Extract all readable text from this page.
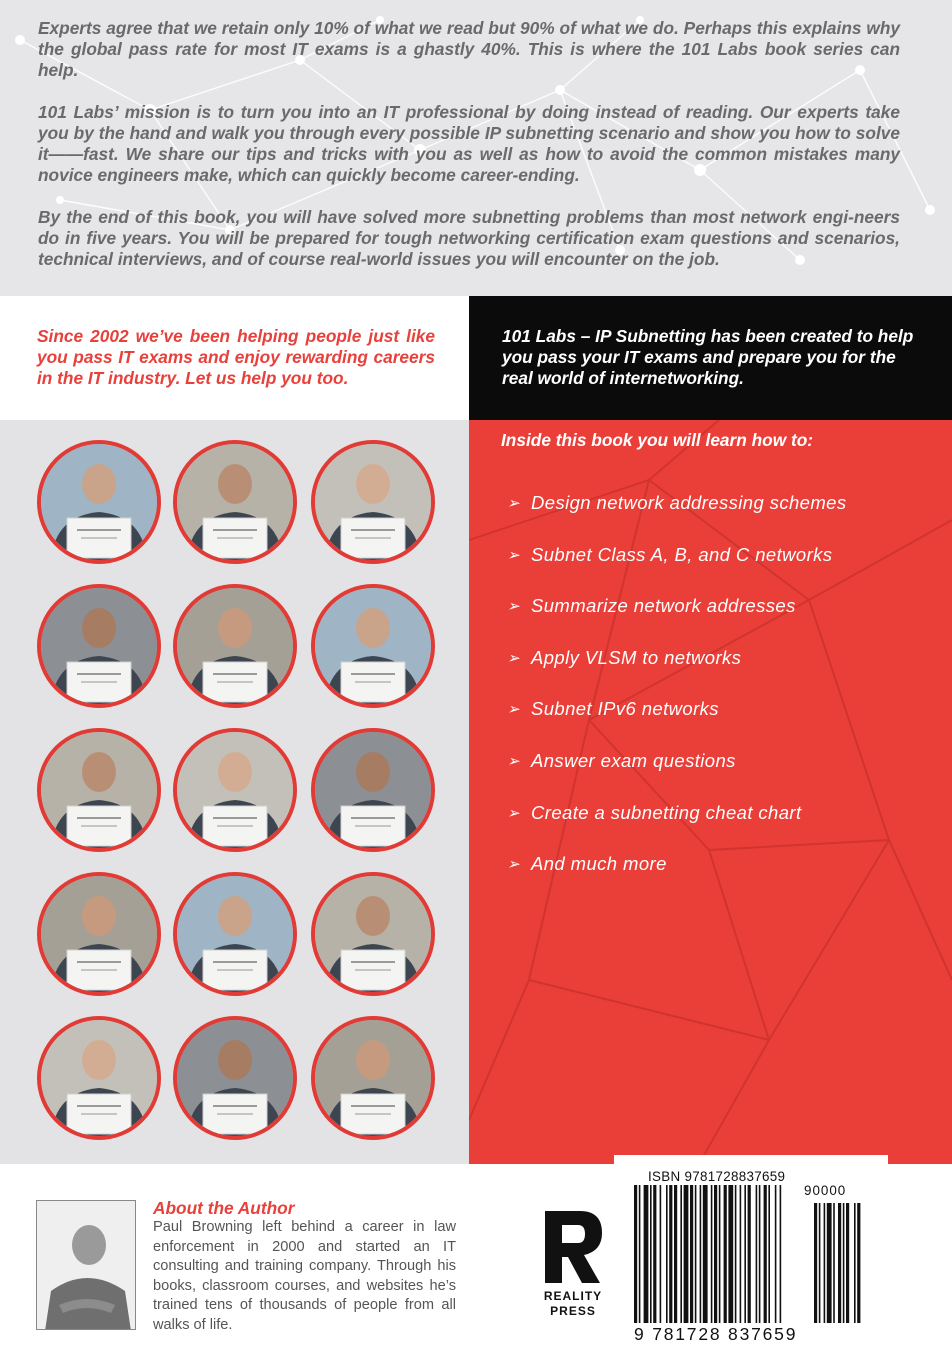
Experts agree that we retain only 10% of what we read but 90% of what we do. Perhaps this explains why the global pass rate for most IT exams is a ghastly 40%. This is where the 101 Labs book series can help.

101 Labs’ mission is to turn you into an IT professional by doing instead of reading. Our experts take you by the hand and walk you through every possible IP subnetting scenario and show you how to solve it——fast. We share our tips and tricks with you as well as how to avoid the common mistakes many novice engineers make, which can quickly become career-ending.

By the end of this book, you will have solved more subnetting problems than most network engi-neers do in five years. You will be prepared for tough networking certification exam questions and scenarios, technical interviews, and of course real-world issues you will encounter on the job.

Since 2002 we’ve been helping people just like you pass IT exams and enjoy rewarding careers in the IT industry. Let us help you too.

101 Labs – IP Subnetting has been created to help you pass your IT exams and prepare you for the real world of internetworking.

Inside this book you will learn how to:
➢ Design network addressing schemes
➢ Subnet Class A, B, and C networks
➢ Summarize network addresses
➢ Apply VLSM to networks
➢ Subnet IPv6 networks
➢ Answer exam questions
➢ Create a subnetting cheat chart
➢ And much more
About the Author
Paul Browning left behind a career in law enforcement in 2000 and started an IT consulting and training company. Through his books, classroom courses, and websites he’s trained tens of thousands of people from all walks of life.
REALITY
PRESS
ISBN 9781728837659
90000
9 781728 837659
